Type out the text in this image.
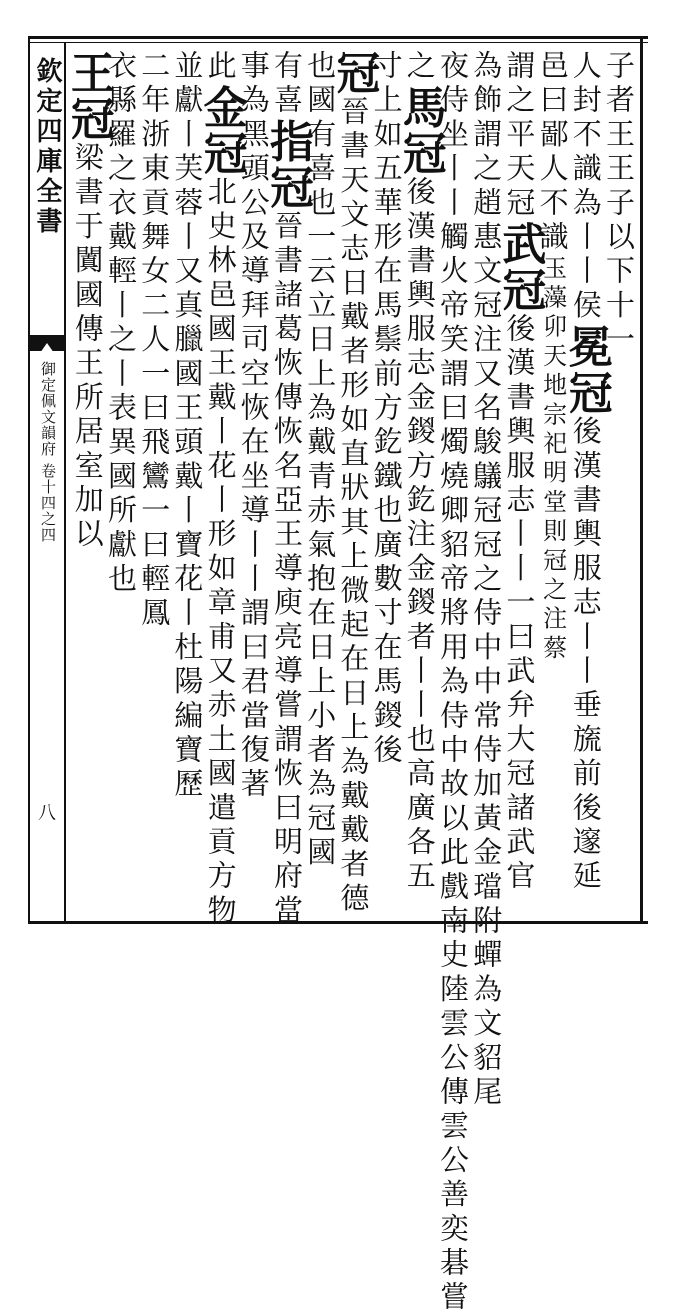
欽定四庫全書
御定佩文韻府 卷十四之四
八
子者王王子以下十一
人封不識為丨丨侯冕冠後漢書輿服志丨丨垂旒前後邃延
邑曰鄙人不識玉藻卯天地宗祀明堂則冠之注蔡
謂之平天冠武冠後漢書輿服志丨丨一曰武弁大冠諸武官
為飾謂之趙惠文冠注又名鵔鸃冠冠之侍中中常侍加黃金璫附蟬為文貂尾
夜侍坐丨丨觸火帝笑謂曰燭燒卿貂帝將用為侍中故以此戲南史陸雲公傳雲公善奕碁嘗
之馬冠後漢書輿服志金鍐方釳注金鍐者丨丨也高廣各五
寸上如五華形在馬鬃前方釳鐵也廣數寸在馬鍐後
冠晉書天文志日戴者形如直狀其上微起在日上為戴戴者德
也國有喜也一云立日上為戴青赤氣抱在日上小者為冠國
有喜指冠晉書諸葛恢傳恢名亞王導庾亮導嘗謂恢曰明府當
事為黑頭公及導拜司空恢在坐導丨丨謂曰君當復著
此金冠北史林邑國王戴丨花丨形如章甫又赤土國遣貢方物
並獻丨芙蓉丨又真臘國王頭戴丨寶花丨杜陽編寶歷
二年浙東貢舞女二人一曰飛鸞一曰輕鳳
衣縣羅之衣戴輕丨之丨表異國所獻也
王冠梁書于闐國傳王所居室加以
